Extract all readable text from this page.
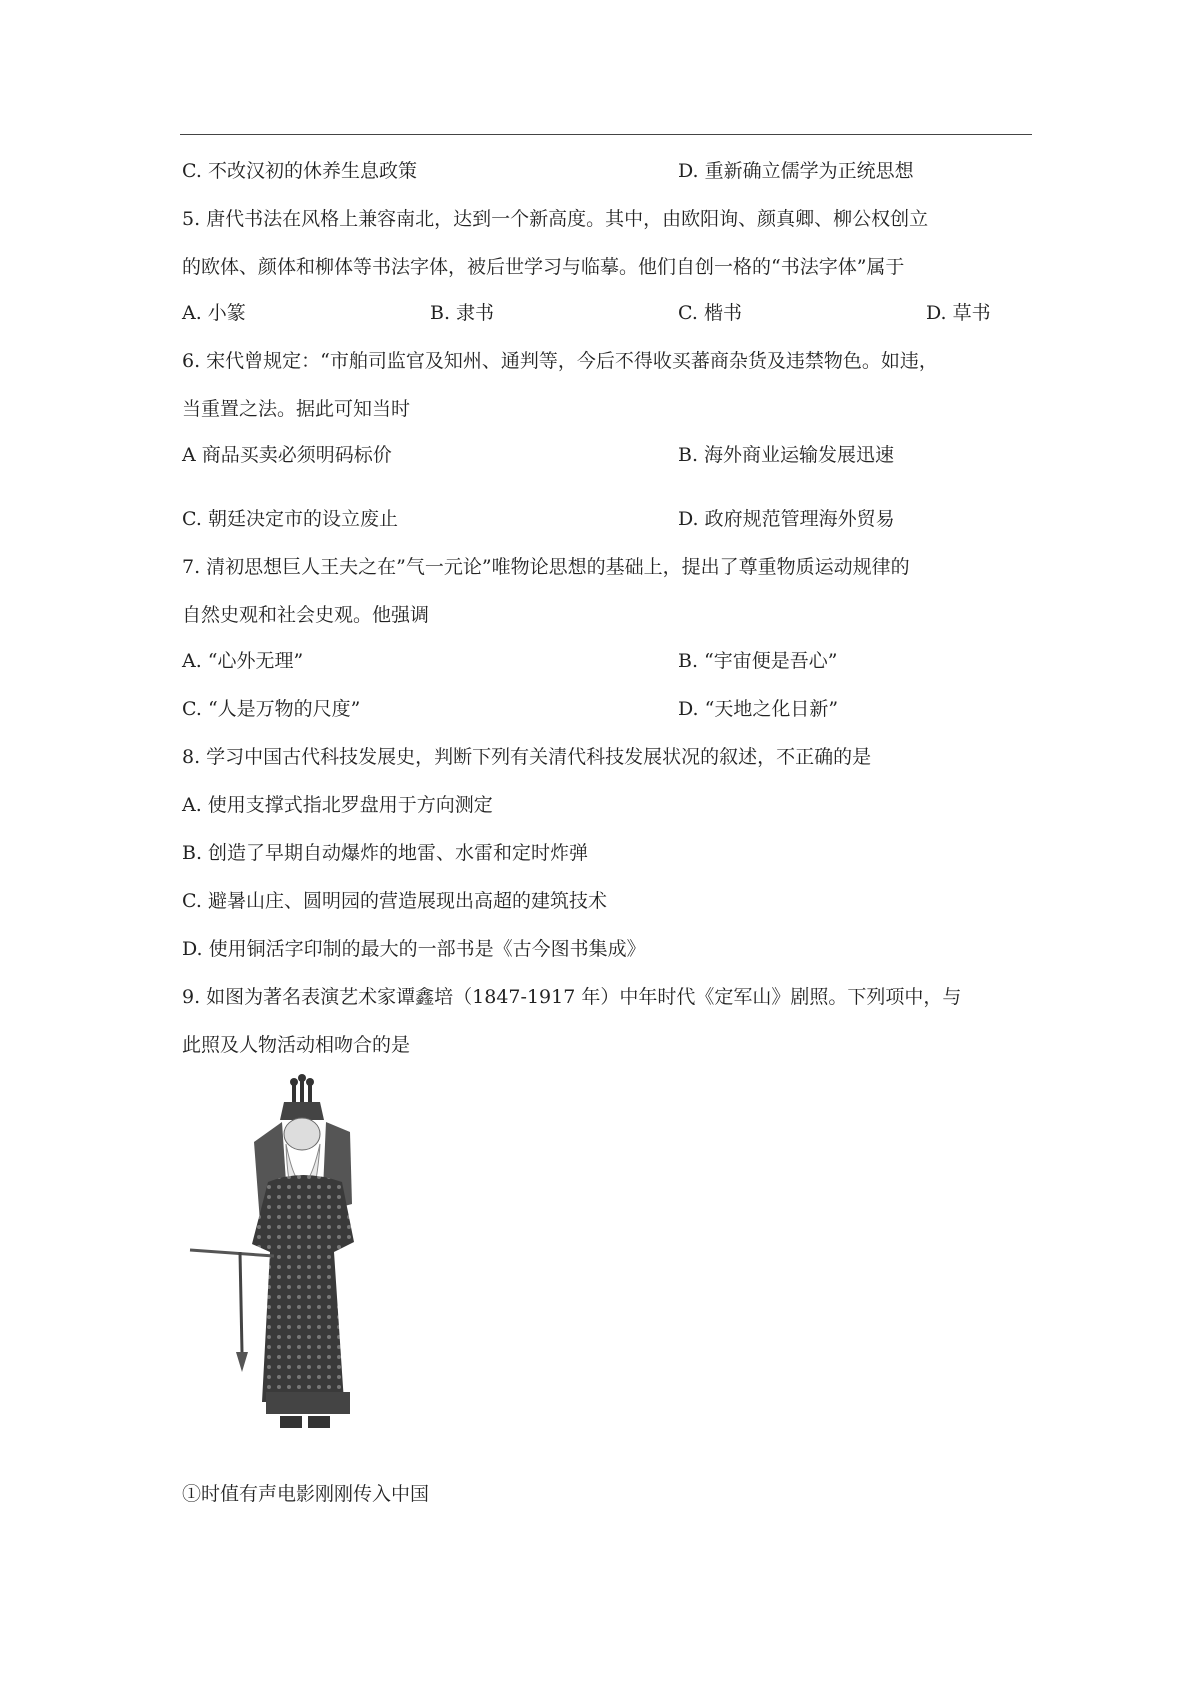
C. 不改汉初的休养生息政策	D. 重新确立儒学为正统思想
5. 唐代书法在风格上兼容南北，达到一个新高度。其中，由欧阳询、颜真卿、柳公权创立
的欧体、颜体和柳体等书法字体，被后世学习与临摹。他们自创一格的“书法字体”属于
A. 小篆	B. 隶书	C. 楷书	D. 草书
6. 宋代曾规定：“市舶司监官及知州、通判等，今后不得收买蕃商杂货及违禁物色。如违，
当重置之法。据此可知当时
A 商品买卖必须明码标价	B. 海外商业运输发展迅速
C. 朝廷决定市的设立废止	D. 政府规范管理海外贸易
7. 清初思想巨人王夫之在”气一元论”唯物论思想的基础上，提出了尊重物质运动规律的
自然史观和社会史观。他强调
A. “心外无理”	B. “宇宙便是吾心”
C. “人是万物的尺度”	D. “天地之化日新”
8. 学习中国古代科技发展史，判断下列有关清代科技发展状况的叙述，不正确的是
A. 使用支撑式指北罗盘用于方向测定
B. 创造了早期自动爆炸的地雷、水雷和定时炸弹
C. 避暑山庄、圆明园的营造展现出高超的建筑技术
D. 使用铜活字印制的最大的一部书是《古今图书集成》
9. 如图为著名表演艺术家谭鑫培（1847-1917 年）中年时代《定军山》剧照。下列项中，与
此照及人物活动相吻合的是
①时值有声电影刚刚传入中国
